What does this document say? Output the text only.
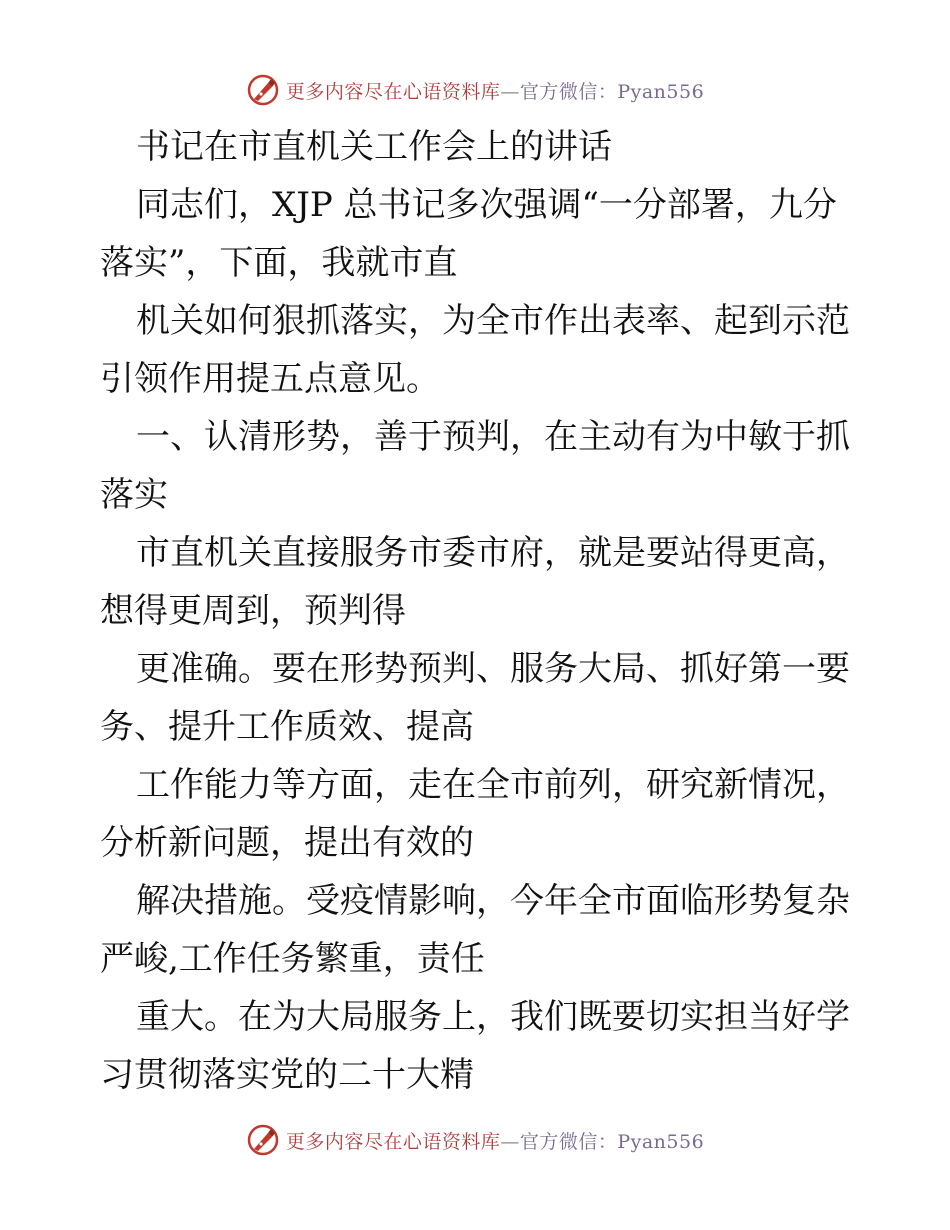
更多内容尽在心语资料库—官方微信：Pyan556
书记在市直机关工作会上的讲话
同志们，XJP 总书记多次强调“一分部署，九分
落实”，下面，我就市直
机关如何狠抓落实，为全市作出表率、起到示范
引领作用提五点意见。
一、认清形势，善于预判，在主动有为中敏于抓
落实
市直机关直接服务市委市府，就是要站得更高，
想得更周到，预判得
更准确。要在形势预判、服务大局、抓好第一要
务、提升工作质效、提高
工作能力等方面，走在全市前列，研究新情况，
分析新问题，提出有效的
解决措施。受疫情影响，今年全市面临形势复杂
严峻,工作任务繁重，责任
重大。在为大局服务上，我们既要切实担当好学
习贯彻落实党的二十大精
更多内容尽在心语资料库—官方微信：Pyan556
